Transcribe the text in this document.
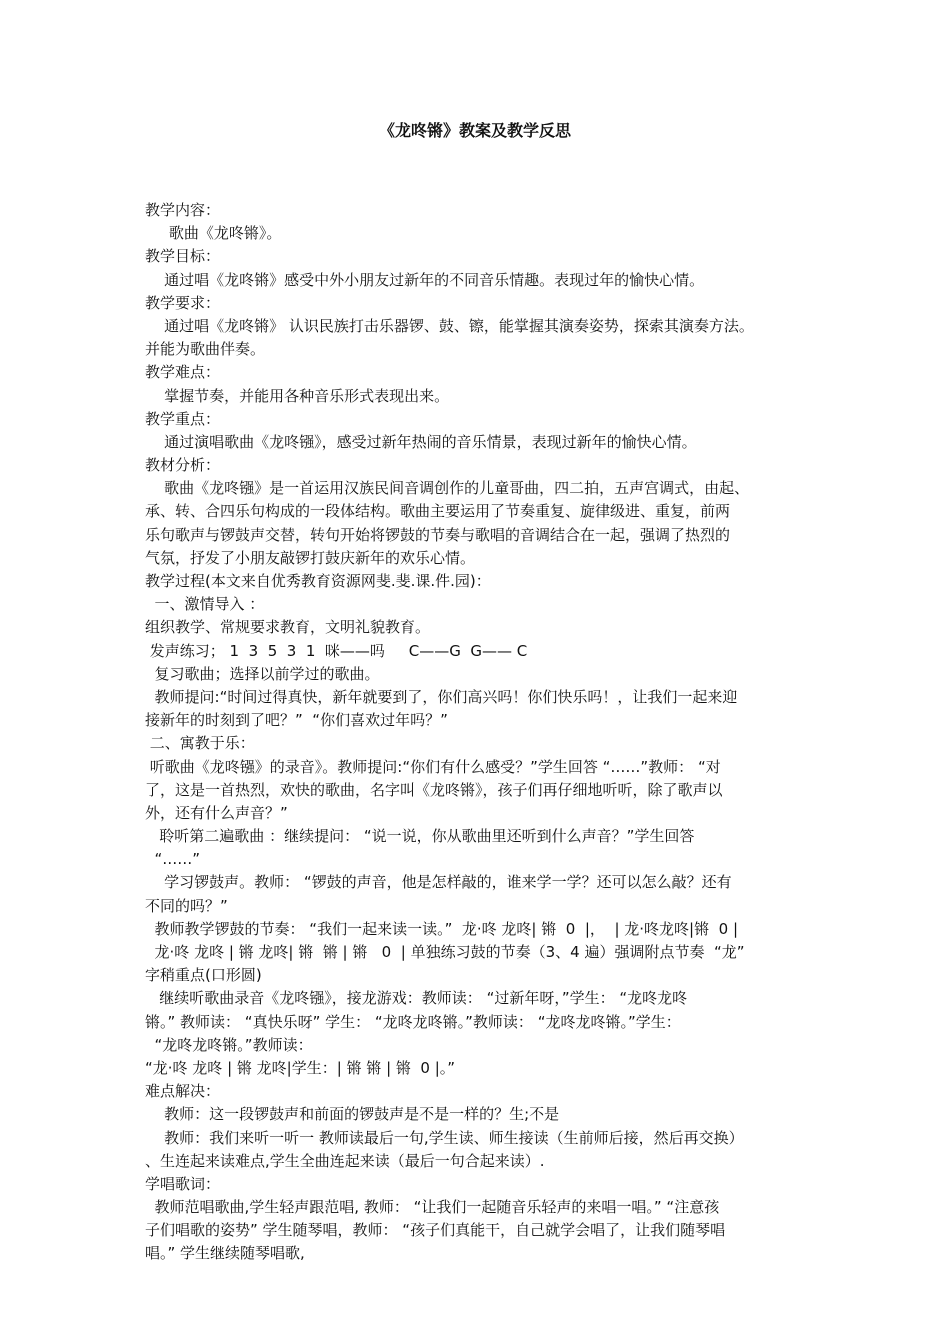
《龙咚锵》教案及教学反思
教学内容：
歌曲《龙咚锵》。
教学目标：
通过唱《龙咚锵》感受中外小朋友过新年的不同音乐情趣。表现过年的愉快心情。
教学要求：
通过唱《龙咚锵》 认识民族打击乐器锣、鼓、镲，能掌握其演奏姿势，探索其演奏方法。
并能为歌曲伴奏。
教学难点：
掌握节奏，并能用各种音乐形式表现出来。
教学重点：
通过演唱歌曲《龙咚镪》，感受过新年热闹的音乐情景，表现过新年的愉快心情。
教材分析：
歌曲《龙咚镪》是一首运用汉族民间音调创作的儿童哥曲，四二拍，五声宫调式，由起、
承、转、合四乐句构成的一段体结构。歌曲主要运用了节奏重复、旋律级进、重复，前两
乐句歌声与锣鼓声交替，转句开始将锣鼓的节奏与歌唱的音调结合在一起，强调了热烈的
气氛，抒发了小朋友敲锣打鼓庆新年的欢乐心情。
教学过程(本文来自优秀教育资源网斐.斐.课.件.园)：
一、激情导入 ：
组织教学、常规要求教育，文明礼貌教育。
发声练习； 1  3  5  3  1  咪——吗     C——G  G—— C
复习歌曲；选择以前学过的歌曲。
教师提问:“时间过得真快，新年就要到了，你们高兴吗！你们快乐吗！，让我们一起来迎
接新年的时刻到了吧？”  “你们喜欢过年吗？”
二、寓教于乐：
听歌曲《龙咚镪》的录音》。教师提问:“你们有什么感受？”学生回答 “……”教师： “对
了，这是一首热烈，欢快的歌曲，名字叫《龙咚锵》，孩子们再仔细地听听，除了歌声以
外，还有什么声音？”
聆听第二遍歌曲 ：继续提问： “说一说，你从歌曲里还听到什么声音？”学生回答
“……”
学习锣鼓声。教师： “锣鼓的声音，他是怎样敲的，谁来学一学？还可以怎么敲？还有
不同的吗？”
教师教学锣鼓的节奏： “我们一起来读一读。”  龙·咚 龙咚| 锵  0  |，  | 龙·咚龙咚|锵  0 |
龙·咚 龙咚 | 锵 龙咚| 锵  锵 | 锵   0  | 单独练习鼓的节奏（3、4 遍）强调附点节奏  “龙”
字稍重点(口形圆)
继续听歌曲录音《龙咚镪》，接龙游戏：教师读： “过新年呀，”学生： “龙咚龙咚
锵。” 教师读： “真快乐呀” 学生： “龙咚龙咚锵。”教师读： “龙咚龙咚锵。”学生：
“龙咚龙咚锵。”教师读：
“龙·咚 龙咚 | 锵 龙咚|学生：| 锵 锵 | 锵  0 |。”
难点解决：
教师：这一段锣鼓声和前面的锣鼓声是不是一样的？生;不是
教师：我们来听一听一 教师读最后一句,学生读、师生接读（生前师后接，然后再交换）
、生连起来读难点,学生全曲连起来读（最后一句合起来读）.
学唱歌词：
教师范唱歌曲,学生轻声跟范唱, 教师： “让我们一起随音乐轻声的来唱一唱。” “注意孩
子们唱歌的姿势” 学生随琴唱，教师： “孩子们真能干，自己就学会唱了，让我们随琴唱
唱。” 学生继续随琴唱歌,
